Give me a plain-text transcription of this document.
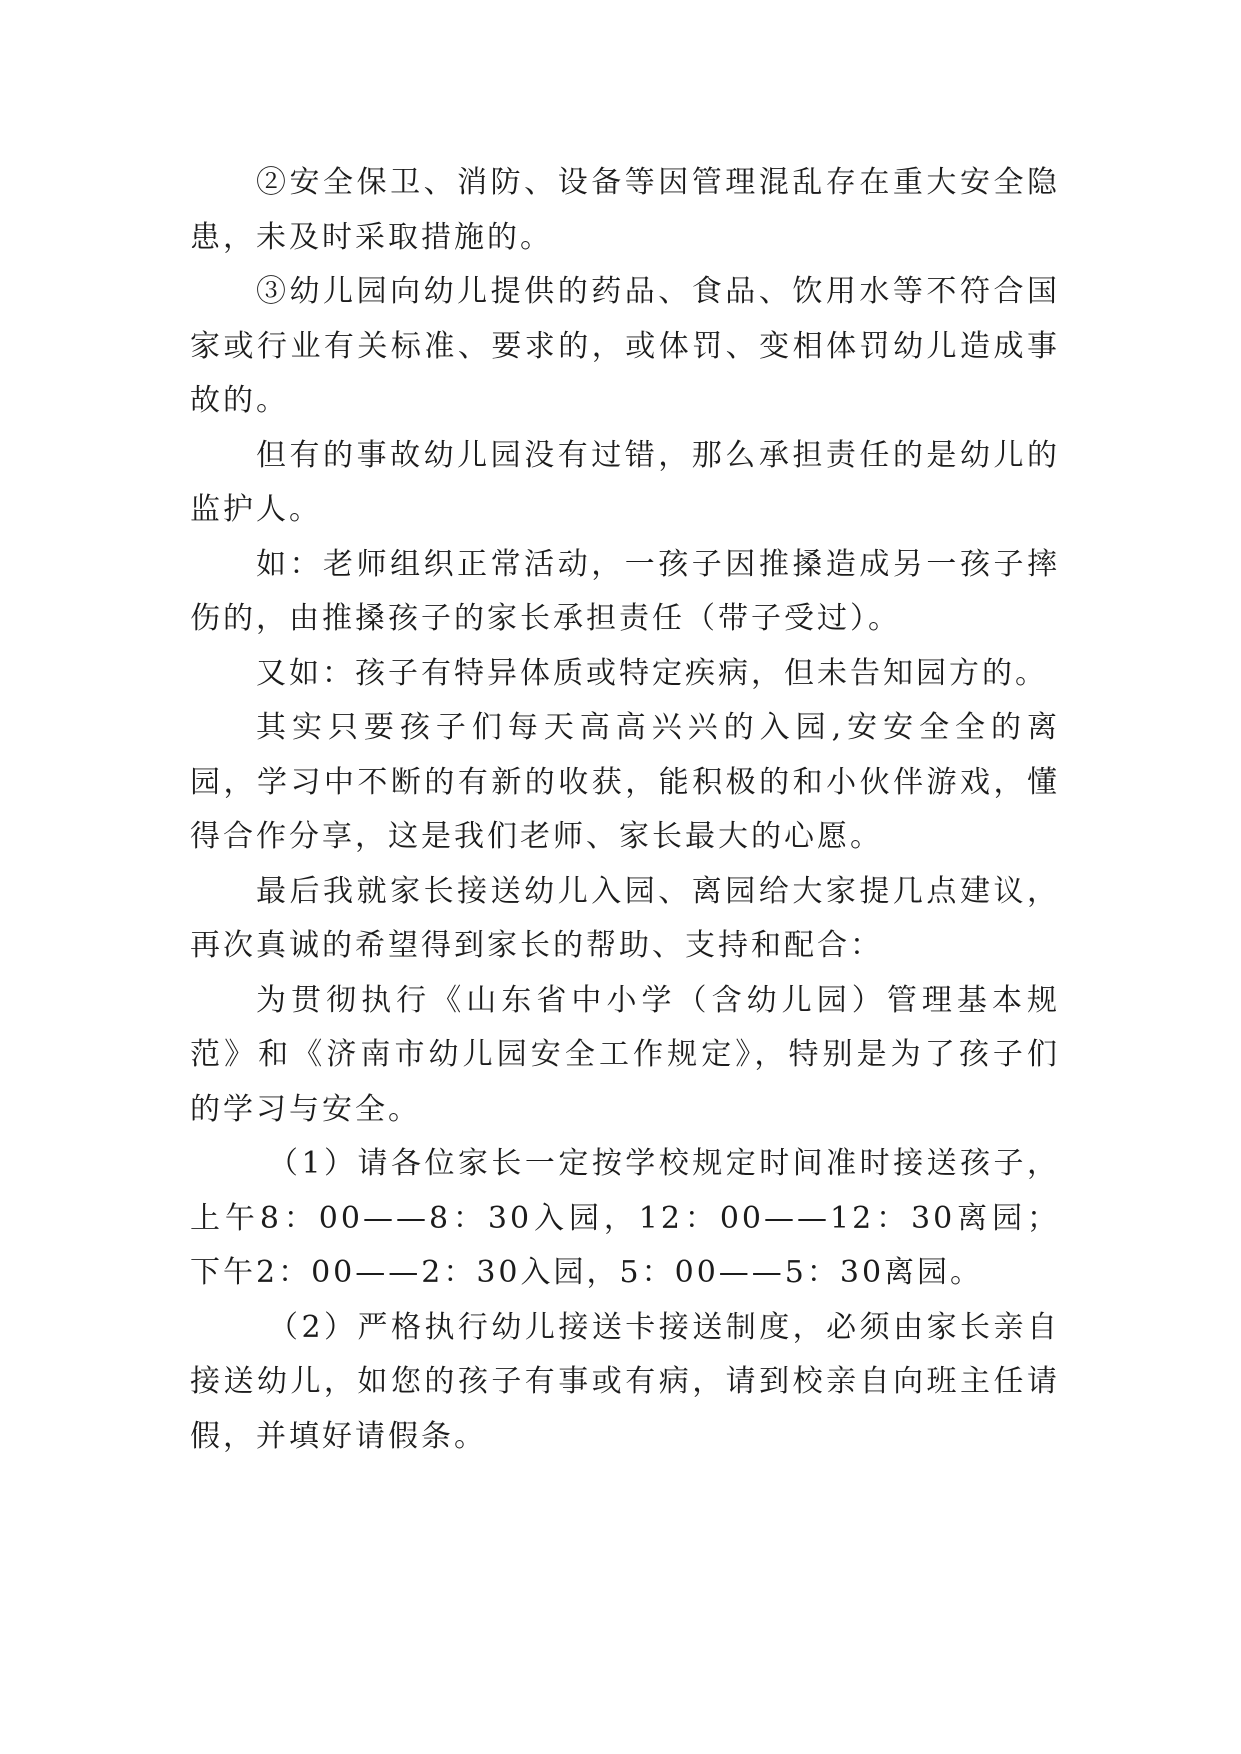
②安全保卫、消防、设备等因管理混乱存在重大安全隐患，未及时采取措施的。

③幼儿园向幼儿提供的药品、食品、饮用水等不符合国家或行业有关标准、要求的，或体罚、变相体罚幼儿造成事故的。

但有的事故幼儿园没有过错，那么承担责任的是幼儿的监护人。

如：老师组织正常活动，一孩子因推搡造成另一孩子摔伤的，由推搡孩子的家长承担责任（带子受过）。

又如：孩子有特异体质或特定疾病，但未告知园方的。

其实只要孩子们每天高高兴兴的入园,安安全全的离园，学习中不断的有新的收获，能积极的和小伙伴游戏，懂得合作分享，这是我们老师、家长最大的心愿。

最后我就家长接送幼儿入园、离园给大家提几点建议，再次真诚的希望得到家长的帮助、支持和配合：

为贯彻执行《山东省中小学（含幼儿园）管理基本规范》和《济南市幼儿园安全工作规定》，特别是为了孩子们的学习与安全。

（1）请各位家长一定按学校规定时间准时接送孩子，上午8：00——8：30入园，12：00——12：30离园；下午2：00——2：30入园，5：00——5：30离园。

（2）严格执行幼儿接送卡接送制度，必须由家长亲自接送幼儿，如您的孩子有事或有病，请到校亲自向班主任请假，并填好请假条。
